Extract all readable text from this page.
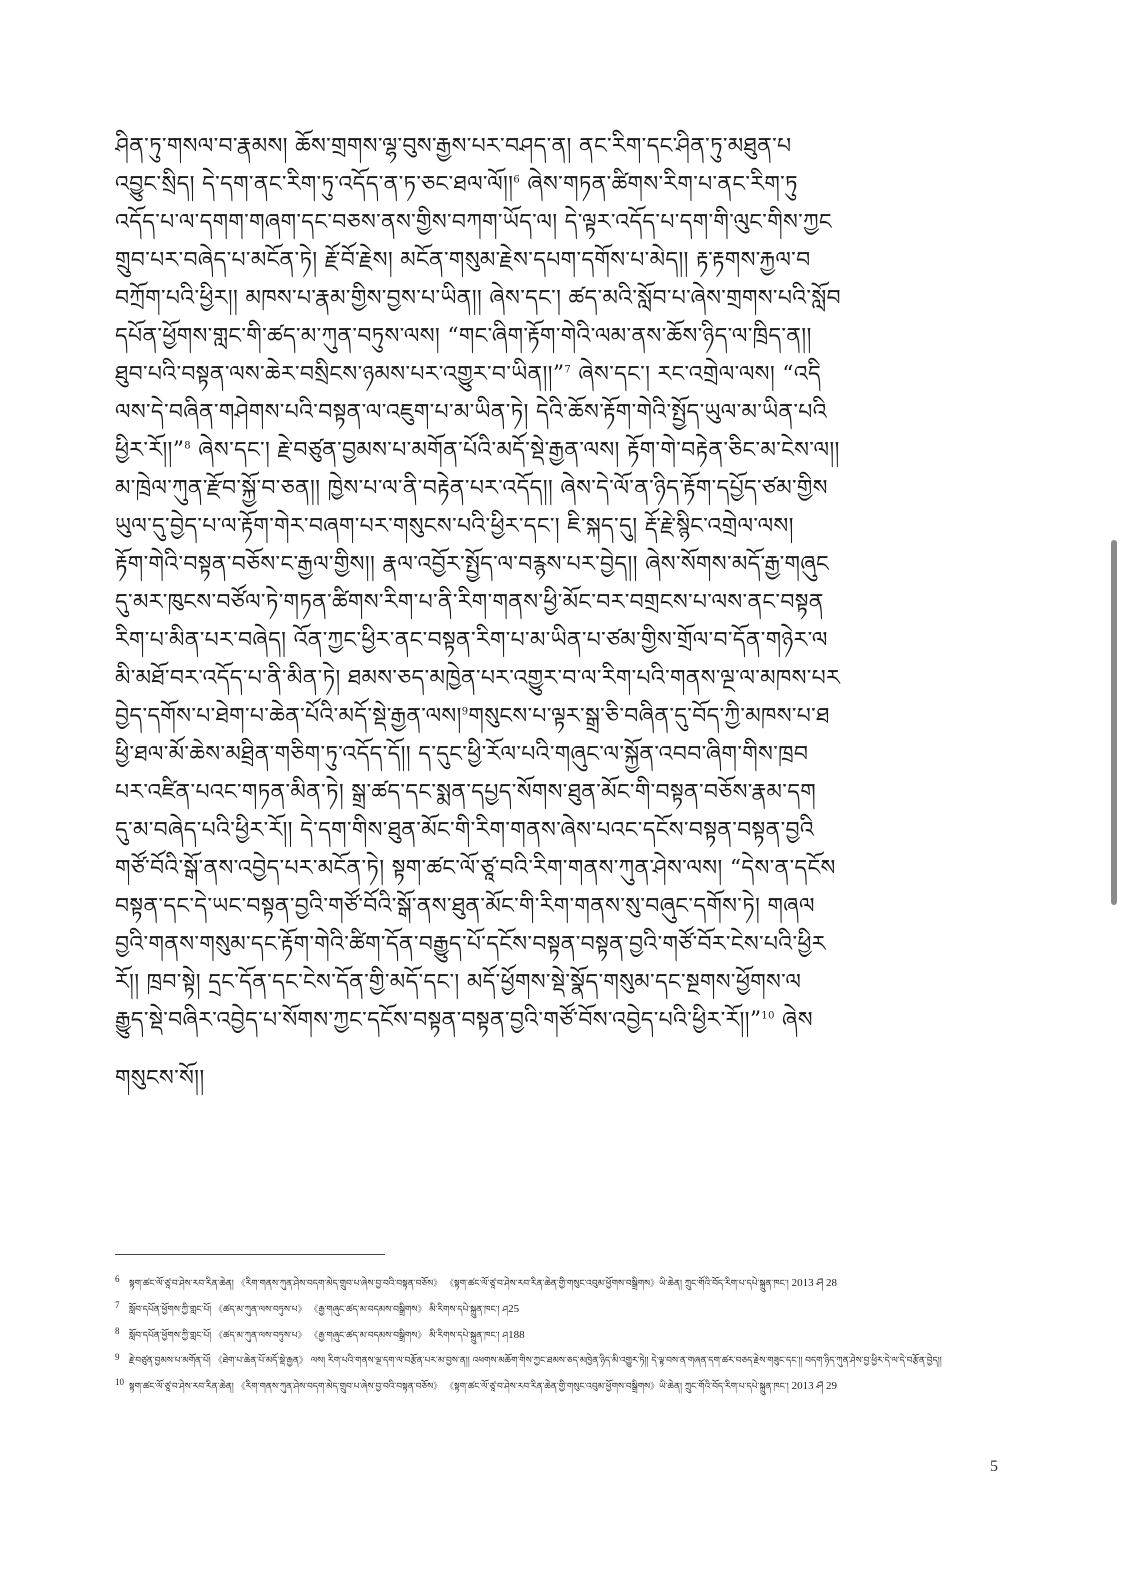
ཤིན་ཏུ་གསལ་བ་རྣམས། ཆོས་གྲགས་ལྷ་བུས་རྒྱས་པར་བཤད་ན། ནང་རིག་དང་ཤིན་ཏུ་མཐུན་པ
འབྱུང་སྲིད། དེ་དག་ནང་རིག་ཏུ་འདོད་ན་ཏ་ཅང་ཐལ་ལོ།།$^6$ ཞེས་གཏན་ཚིགས་རིག་པ་ནང་རིག་ཏུ
འདོད་པ་ལ་དགག་གཞག་དང་བཅས་ནས་གྱིས་བཀག་ཡོད་ལ། དེ་ལྟར་འདོད་པ་དག་གི་ལུང་གིས་ཀྱང
གྲུབ་པར་བཞེད་པ་མངོན་ཏེ། རྗོ་བོ་རྗེས། མངོན་གསུམ་རྗེས་དཔག་དགོས་པ་མེད།། རྟ་རྟགས་རྐྱལ་བ
བཀྲོག་པའི་ཕྱིར།། མཁས་པ་རྣམ་གྱིས་བྱས་པ་ཡིན།། ཞེས་དང་། ཚད་མའི་སློབ་པ་ཞེས་གྲགས་པའི་སློབ
དཔོན་ཕྱོགས་གླང་གི་ཚད་མ་ཀུན་བཏུས་ལས། “གང་ཞིག་རྟོག་གེའི་ལམ་ནས་ཆོས་ཉིད་ལ་ཁྲིད་ན།།
ཐུབ་པའི་བསྟན་ལས་ཆེར་བསྲིངས་ཉམས་པར་འགྱུར་བ་ཡིན།།”$^7$ ཞེས་དང་། རང་འགྲེལ་ལས། “འདི
ལས་དེ་བཞིན་གཤེགས་པའི་བསྟན་ལ་འཇུག་པ་མ་ཡིན་ཏེ། དེའི་ཆོས་རྟོག་གེའི་སྤྱོད་ཡུལ་མ་ཡིན་པའི
ཕྱིར་རོ།།”$^8$ ཞེས་དང་། རྗེ་བཙུན་བྱམས་པ་མགོན་པོའི་མདོ་སྡེ་རྒྱན་ལས། རྟོག་གེ་བརྟེན་ཅིང་མ་ངེས་ལ།།
མ་ཁྲེལ་ཀུན་རྫོབ་སྐྱོ་བ་ཅན།། ཁྱེས་པ་ལ་ནི་བརྟེན་པར་འདོད།། ཞེས་དེ་ལོ་ན་ཉིད་རྟོག་དཔྱོད་ཙམ་གྱིས
ཡུལ་དུ་བྱེད་པ་ལ་རྟོག་གེར་བཞག་པར་གསུངས་པའི་ཕྱིར་དང་། ཇི་སྐད་དུ། རྡོ་རྗེ་སྙིང་འགྲེལ་ལས།
རྟོག་གེའི་བསྟན་བཅོས་ང་རྒྱལ་གྱིས།། རྣལ་འབྱོར་སྤྱོད་ལ་བརྙས་པར་བྱེད།། ཞེས་སོགས་མདོ་རྒྱ་གཞུང
དུ་མར་ཁུངས་བཙོལ་ཏེ་གཏན་ཚིགས་རིག་པ་ནི་རིག་གནས་ཕྱི་མོང་བར་བགྲངས་པ་ལས་ནང་བསྟན
རིག་པ་མིན་པར་བཞེད། འོན་ཀྱང་ཕྱིར་ནང་བསྟན་རིག་པ་མ་ཡིན་པ་ཙམ་གྱིས་གྲོལ་བ་དོན་གཉེར་ལ
མི་མཐོ་བར་འདོད་པ་ནི་མིན་ཏེ། ཐམས་ཅད་མཁྱེན་པར་འགྱུར་བ་ལ་རིག་པའི་གནས་ལྔ་ལ་མཁས་པར
བྱེད་དགོས་པ་ཐེག་པ་ཆེན་པོའི་མདོ་སྡེ་རྒྱན་ལས།$^9$གསུངས་པ་ལྟར་སྒྲ་ཅི་བཞིན་དུ་བོད་ཀྱི་མཁས་པ་ཐ
ཕྱི་ཐལ་མོ་ཆེས་མཐྲིན་གཅིག་ཏུ་འདོད་དོ།། ད་དུང་ཕྱི་རོལ་པའི་གཞུང་ལ་སྐྱོན་འབབ་ཞིག་གིས་ཁྲབ
པར་འཛིན་པའང་གཏན་མིན་ཏེ། སྒྲ་ཚད་དང་སྨན་དཔྱད་སོགས་ཐུན་མོང་གི་བསྟན་བཅོས་རྣམ་དག
དུ་མ་བཞེད་པའི་ཕྱིར་རོ།། དེ་དག་གིས་ཐུན་མོང་གི་རིག་གནས་ཞེས་པའང་དངོས་བསྟན་བསྟན་བྱའི
གཙོ་བོའི་སྒོ་ནས་འབྱེད་པར་མངོན་ཏེ། སྟག་ཚང་ལོ་ཙཱ་བའི་རིག་གནས་ཀུན་ཤེས་ལས། “དེས་ན་དངོས
བསྟན་དང་དེ་ཡང་བསྟན་བྱའི་གཙོ་བོའི་སྒོ་ནས་ཐུན་མོང་གི་རིག་གནས་སུ་བཞུང་དགོས་ཏེ། གཞལ
བྱའི་གནས་གསུམ་དང་རྟོག་གེའི་ཚིག་དོན་བརྒྱུད་པོ་དངོས་བསྟན་བསྟན་བྱའི་གཙོ་བོར་ངེས་པའི་ཕྱིར
རོ།། ཁྲབ་སྟེ། དྲང་དོན་དང་ངེས་དོན་གྱི་མདོ་དང་། མདོ་ཕྱོགས་སྡེ་སྣོད་གསུམ་དང་སྔགས་ཕྱོགས་ལ
རྒྱུད་སྡེ་བཞིར་འབྱེད་པ་སོགས་ཀྱང་དངོས་བསྟན་བསྟན་བྱའི་གཙོ་བོས་འབྱེད་པའི་ཕྱིར་རོ།།”$^{10}$ ཞེས
གསུངས་སོ།།
6 སྟག་ཚང་ལོ་ཙཱ་བ་ཤེས་རབ་རིན་ཆེན། 《རིག་གནས་ཀུན་ཤེས་བདག་མེད་གྲུབ་པ་ཞེས་བྱ་བའི་བསྟན་བཅོས》 《སྟག་ཚང་ལོ་ཙཱ་བ་ཤེས་རབ་རིན་ཆེན་གྱི་གསུང་འབུམ་ཕྱོགས་བསྒྲིགས》ཡི་ཆེན། ཀྲུང་གོའི་བོད་རིག་པ་དཔེ་སྐྲུན་ཁང་། 2013 ཤ 28
7 སློབ་དཔོན་ཕྱོགས་ཀྱི་གླང་པོ། 《ཚད་མ་ཀུན་ལས་བཏུས་པ》 《རྒྱ་གཞུང་ཚད་མ་བདམས་བསྒྲིགས》 མི་རིགས་དཔེ་སྐྲུན་ཁང་། ཤ25
8 སློབ་དཔོན་ཕྱོགས་ཀྱི་གླང་པོ། 《ཚད་མ་ཀུན་ལས་བཏུས་པ》 《རྒྱ་གཞུང་ཚད་མ་བདམས་བསྒྲིགས》 མི་རིགས་དཔེ་སྐྲུན་ཁང་། ཤ188
9 རྗེ་བཙུན་བྱམས་པ་མགོན་པོ། 《ཐེག་པ་ཆེན་པོ་མདོ་སྡེ་རྒྱན》 ལས། རིག་པའི་གནས་ལྔ་དག་ལ་བརྩོན་པར་མ་བྱས་ན།། འཕགས་མཆོག་གིས་ཀྱང་ཐམས་ཅད་མཁྱེན་ཉིད་མི་འགྱུར་ཏེ།། དེ་ལྟ་བས་ན་གཞན་དག་ཚར་བཅད་རྗེས་གཟུང་དང་།། བདག་ཉིད་ཀུན་ཤེས་བྱ་ཕྱིར་དེ་ལ་དེ་བརྩོན་བྱེད།།
10 སྟག་ཚང་ལོ་ཙཱ་བ་ཤེས་རབ་རིན་ཆེན། 《རིག་གནས་ཀུན་ཤེས་བདག་མེད་གྲུབ་པ་ཞེས་བྱ་བའི་བསྟན་བཅོས》 《སྟག་ཚང་ལོ་ཙཱ་བ་ཤེས་རབ་རིན་ཆེན་གྱི་གསུང་འབུམ་ཕྱོགས་བསྒྲིགས》ཡི་ཆེན། ཀྲུང་གོའི་བོད་རིག་པ་དཔེ་སྐྲུན་ཁང་། 2013 ཤ 29
5
